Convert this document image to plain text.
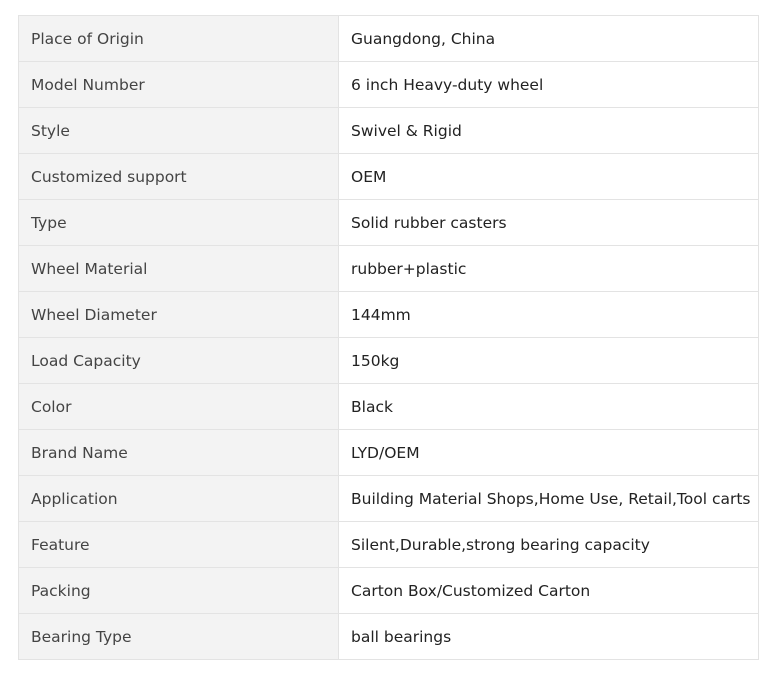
Place of Origin	Guangdong, China
Model Number	6 inch Heavy-duty wheel
Style	Swivel & Rigid
Customized support	OEM
Type	Solid rubber casters
Wheel Material	rubber+plastic
Wheel Diameter	144mm
Load Capacity	150kg
Color	Black
Brand Name	LYD/OEM
Application	Building Material Shops,Home Use, Retail,Tool carts
Feature	Silent,Durable,strong bearing capacity
Packing	Carton Box/Customized Carton
Bearing Type	ball bearings
